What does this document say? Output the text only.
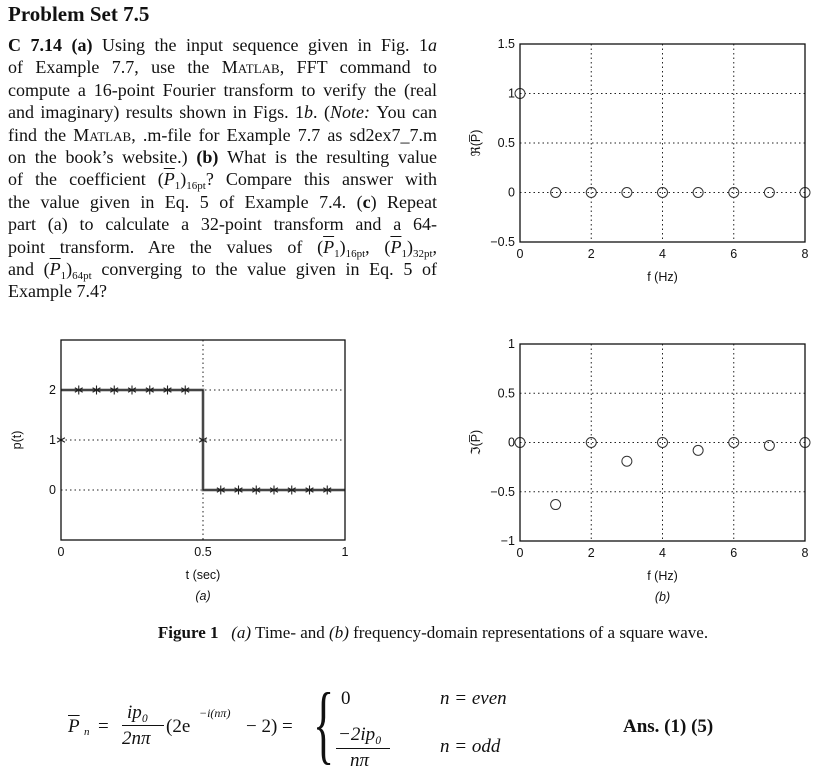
Problem Set 7.5
C 7.14 (a) Using the input sequence given in Fig. 1a
of Example 7.7, use the Matlab, FFT command to
compute a 16-point Fourier transform to verify the (real
and imaginary) results shown in Figs. 1b. (Note: You can
find the Matlab, .m-file for Example 7.7 as sd2ex7_7.m
on the book’s website.) (b) What is the resulting value
of the coefficient $(\overline{P}_1)_{16pt}$? Compare this answer with
the value given in Eq. 5 of Example 7.4. (c) Repeat
part (a) to calculate a 32-point transform and a 64-
point transform. Are the values of $(\overline{P}_1)_{16pt}$, $(\overline{P}_1)_{32pt}$,
and $(\overline{P}_1)_{64pt}$ converging to the value given in Eq. 5 of
Example 7.4?
0	2	4	6	8
−0.5
0
0.5
1
1.5
f (Hz)
ℜ(P̅)
0	0.5	1
0
1
2
t (sec)
p(t)
(a)
0	2	4	6	8
−1
−0.5
0
0.5
1
f (Hz)
ℑ(P̅)
(b)
Figure 1 (a) Time- and (b) frequency-domain representations of a square wave.
$\overline{P}$ n =
ip₀
2nπ
(2e
−i(nπ)
− 2) = { 0	n = even
−2ip₀
nπ
n = odd
Ans. (1) (5)
